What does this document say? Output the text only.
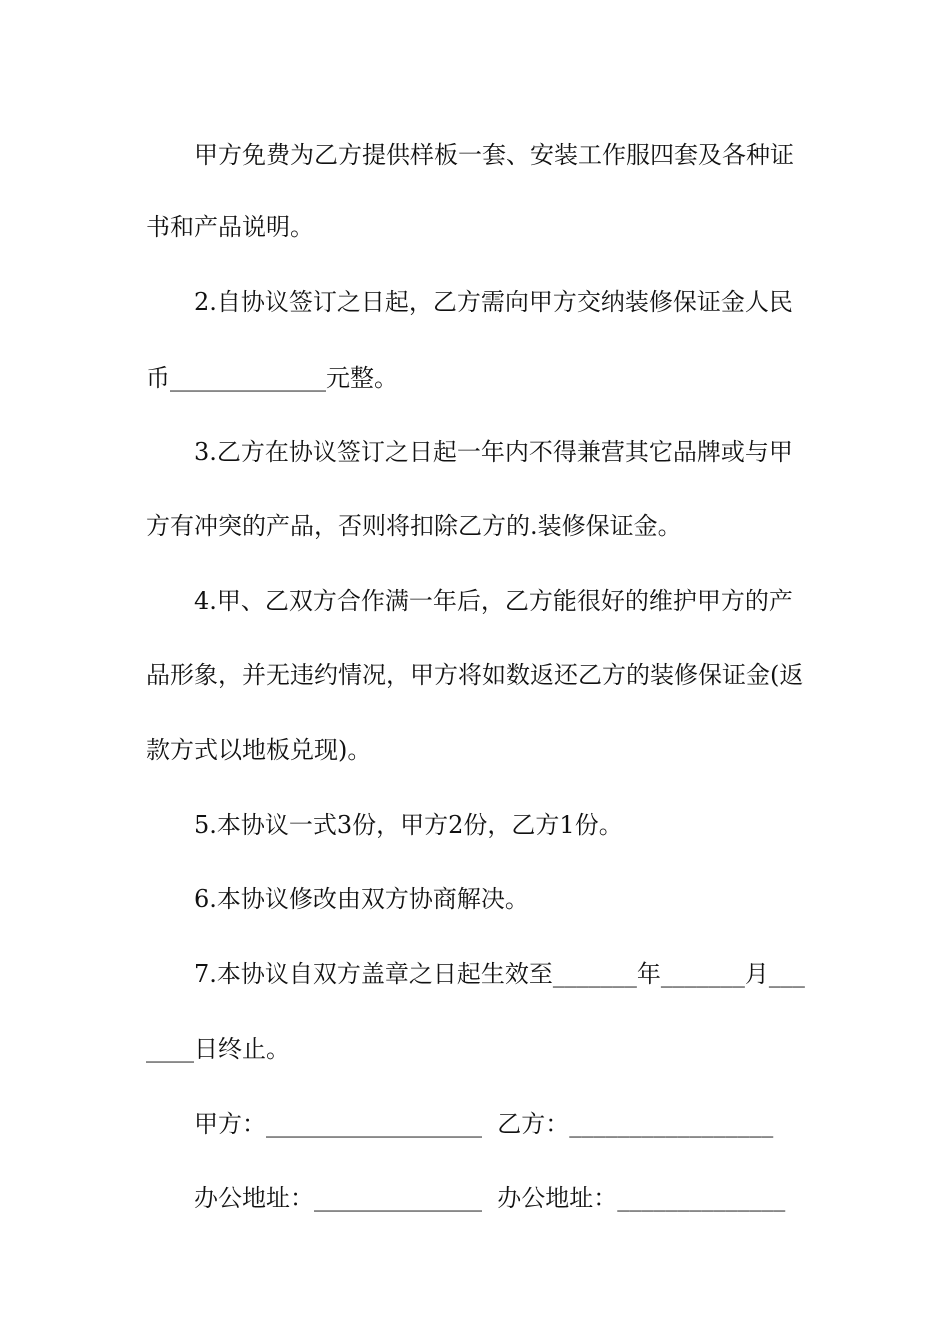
甲方免费为乙方提供样板一套、安装工作服四套及各种证
书和产品说明。
2.自协议签订之日起，乙方需向甲方交纳装修保证金人民
币_____________元整。
3.乙方在协议签订之日起一年内不得兼营其它品牌或与甲
方有冲突的产品，否则将扣除乙方的.装修保证金。
4.甲、乙双方合作满一年后，乙方能很好的维护甲方的产
品形象，并无违约情况，甲方将如数返还乙方的装修保证金(返
款方式以地板兑现)。
5.本协议一式3份，甲方2份，乙方1份。
6.本协议修改由双方协商解决。
7.本协议自双方盖章之日起生效至_______年_______月___
____日终止。
甲方：__________________  乙方：_________________
办公地址：______________  办公地址：______________
